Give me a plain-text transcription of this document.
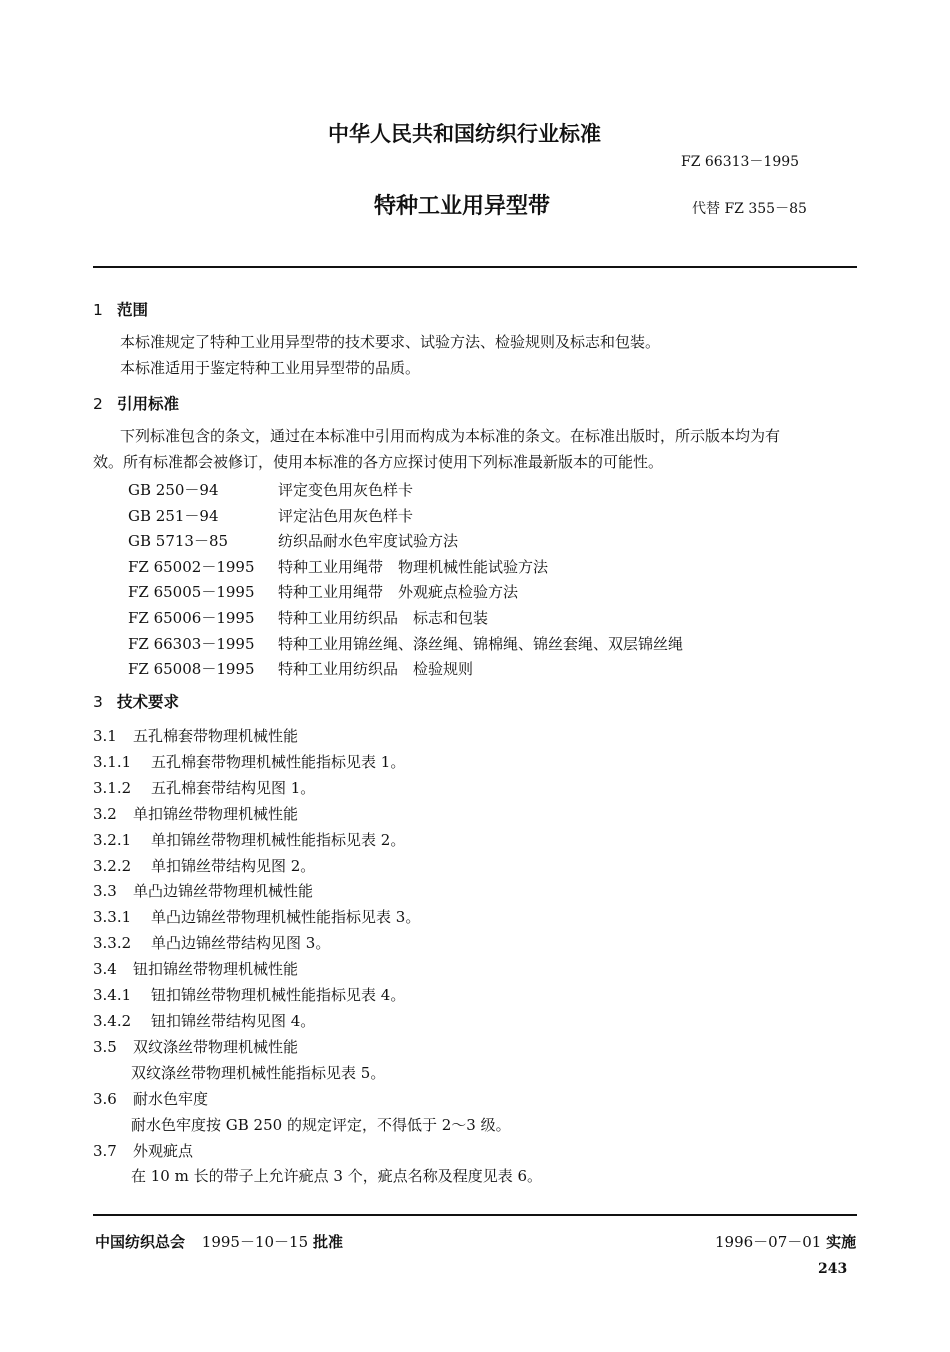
中华人民共和国纺织行业标准
FZ 66313－1995
特种工业用异型带	代替 FZ 355－85
1 范围
本标准规定了特种工业用异型带的技术要求、试验方法、检验规则及标志和包装。
本标准适用于鉴定特种工业用异型带的品质。
2 引用标准
下列标准包含的条文，通过在本标准中引用而构成为本标准的条文。在标准出版时，所示版本均为有
效。所有标准都会被修订，使用本标准的各方应探讨使用下列标准最新版本的可能性。
GB 250－94	评定变色用灰色样卡
GB 251－94	评定沾色用灰色样卡
GB 5713－85	纺织品耐水色牢度试验方法
FZ 65002－1995 特种工业用绳带　物理机械性能试验方法
FZ 65005－1995 特种工业用绳带　外观疵点检验方法
FZ 65006－1995 特种工业用纺织品　标志和包装
FZ 66303－1995 特种工业用锦丝绳、涤丝绳、锦棉绳、锦丝套绳、双层锦丝绳
FZ 65008－1995 特种工业用纺织品　检验规则
3 技术要求
3.1 五孔棉套带物理机械性能
3.1.1 五孔棉套带物理机械性能指标见表 1。
3.1.2 五孔棉套带结构见图 1。
3.2 单扣锦丝带物理机械性能
3.2.1 单扣锦丝带物理机械性能指标见表 2。
3.2.2 单扣锦丝带结构见图 2。
3.3 单凸边锦丝带物理机械性能
3.3.1 单凸边锦丝带物理机械性能指标见表 3。
3.3.2 单凸边锦丝带结构见图 3。
3.4 钮扣锦丝带物理机械性能
3.4.1 钮扣锦丝带物理机械性能指标见表 4。
3.4.2 钮扣锦丝带结构见图 4。
3.5 双纹涤丝带物理机械性能
双纹涤丝带物理机械性能指标见表 5。
3.6 耐水色牢度
耐水色牢度按 GB 250 的规定评定，不得低于 2～3 级。
3.7 外观疵点
在 10 m 长的带子上允许疵点 3 个，疵点名称及程度见表 6。
中国纺织总会 1995－10－15 批准	1996－07－01 实施
243
